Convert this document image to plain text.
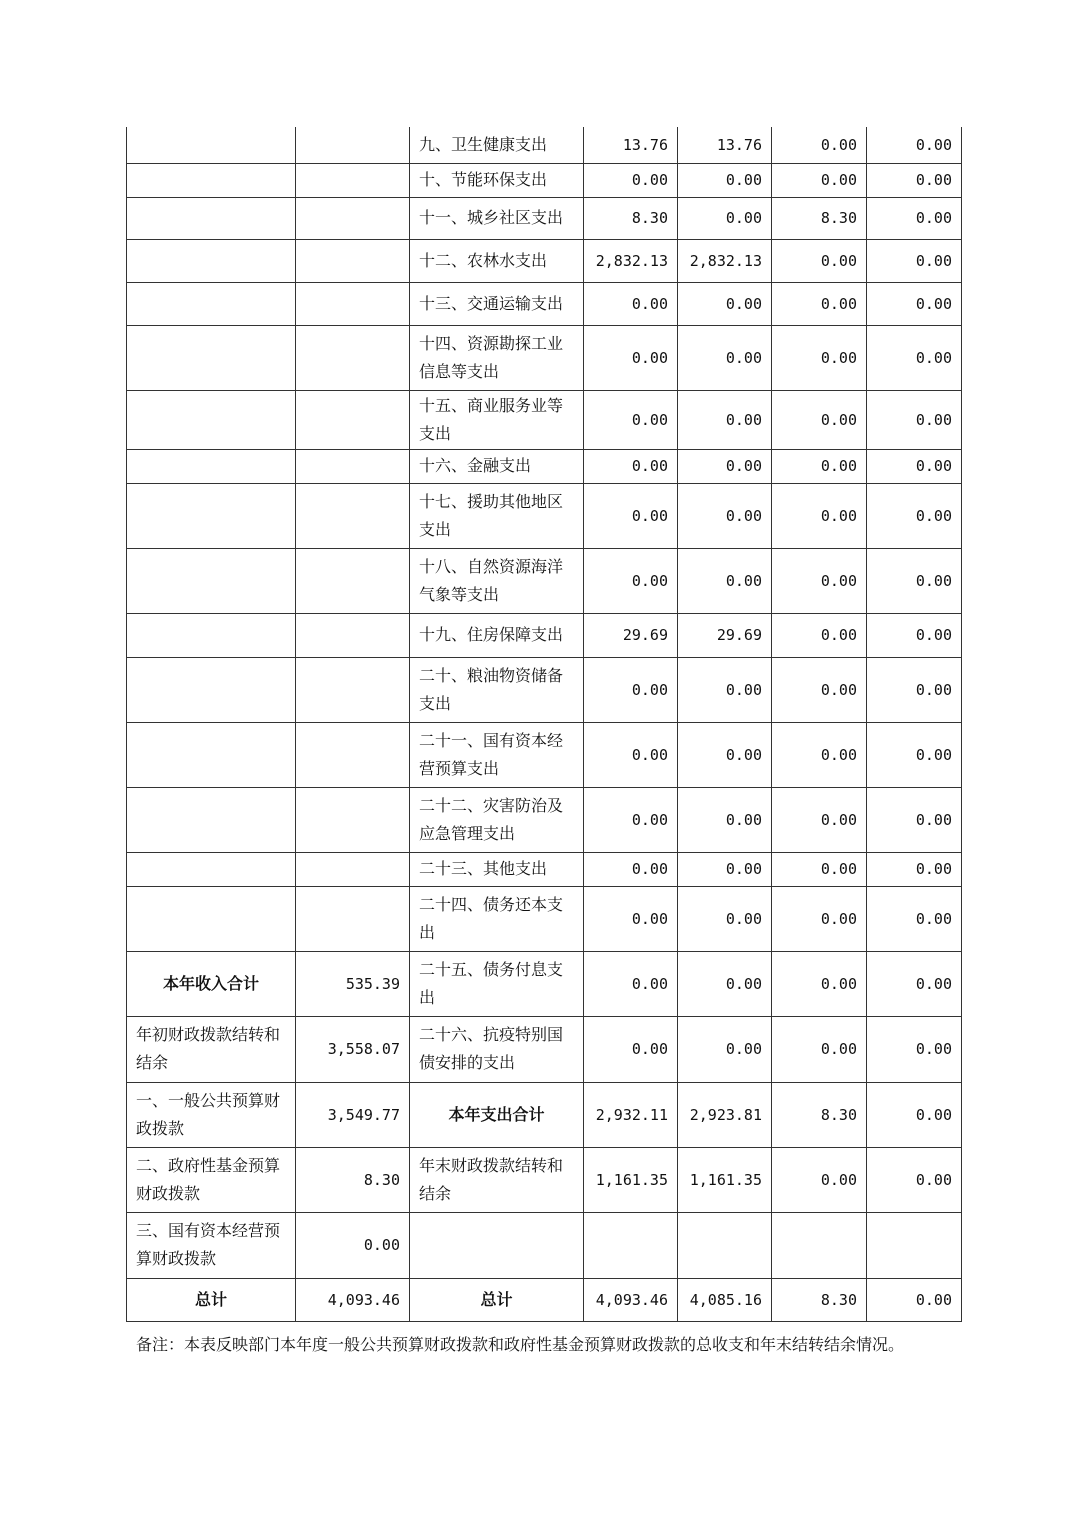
		九、卫生健康支出	13.76	13.76	0.00	0.00
		十、节能环保支出	0.00	0.00	0.00	0.00
		十一、城乡社区支出	8.30	0.00	8.30	0.00
		十二、农林水支出	2,832.13	2,832.13	0.00	0.00
		十三、交通运输支出	0.00	0.00	0.00	0.00
		十四、资源勘探工业信息等支出	0.00	0.00	0.00	0.00
		十五、商业服务业等支出	0.00	0.00	0.00	0.00
		十六、金融支出	0.00	0.00	0.00	0.00
		十七、援助其他地区支出	0.00	0.00	0.00	0.00
		十八、自然资源海洋气象等支出	0.00	0.00	0.00	0.00
		十九、住房保障支出	29.69	29.69	0.00	0.00
		二十、粮油物资储备支出	0.00	0.00	0.00	0.00
		二十一、国有资本经营预算支出	0.00	0.00	0.00	0.00
		二十二、灾害防治及应急管理支出	0.00	0.00	0.00	0.00
		二十三、其他支出	0.00	0.00	0.00	0.00
		二十四、债务还本支出	0.00	0.00	0.00	0.00
本年收入合计	535.39	二十五、债务付息支出	0.00	0.00	0.00	0.00
年初财政拨款结转和结余	3,558.07	二十六、抗疫特别国债安排的支出	0.00	0.00	0.00	0.00
一、一般公共预算财政拨款	3,549.77	本年支出合计	2,932.11	2,923.81	8.30	0.00
二、政府性基金预算财政拨款	8.30	年末财政拨款结转和结余	1,161.35	1,161.35	0.00	0.00
三、国有资本经营预算财政拨款	0.00					
总计	4,093.46	总计	4,093.46	4,085.16	8.30	0.00
备注：本表反映部门本年度一般公共预算财政拨款和政府性基金预算财政拨款的总收支和年末结转结余情况。
